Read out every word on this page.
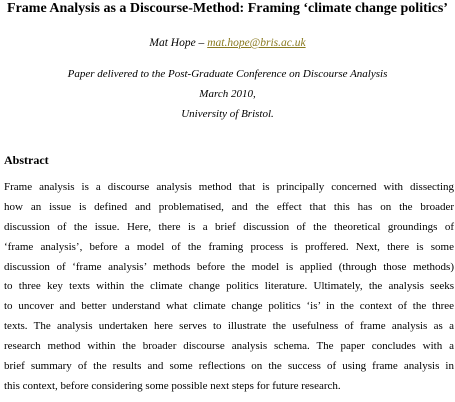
Frame Analysis as a Discourse-Method: Framing ‘climate change politics’
Mat Hope – mat.hope@bris.ac.uk
Paper delivered to the Post-Graduate Conference on Discourse Analysis
March 2010,
University of Bristol.
Abstract
Frame analysis is a discourse analysis method that is principally concerned with dissecting
how an issue is defined and problematised, and the effect that this has on the broader
discussion of the issue. Here, there is a brief discussion of the theoretical groundings of
‘frame analysis’, before a model of the framing process is proffered. Next, there is some
discussion of ‘frame analysis’ methods before the model is applied (through those methods)
to three key texts within the climate change politics literature. Ultimately, the analysis seeks
to uncover and better understand what climate change politics ‘is’ in the context of the three
texts. The analysis undertaken here serves to illustrate the usefulness of frame analysis as a
research method within the broader discourse analysis schema. The paper concludes with a
brief summary of the results and some reflections on the success of using frame analysis in
this context, before considering some possible next steps for future research.
